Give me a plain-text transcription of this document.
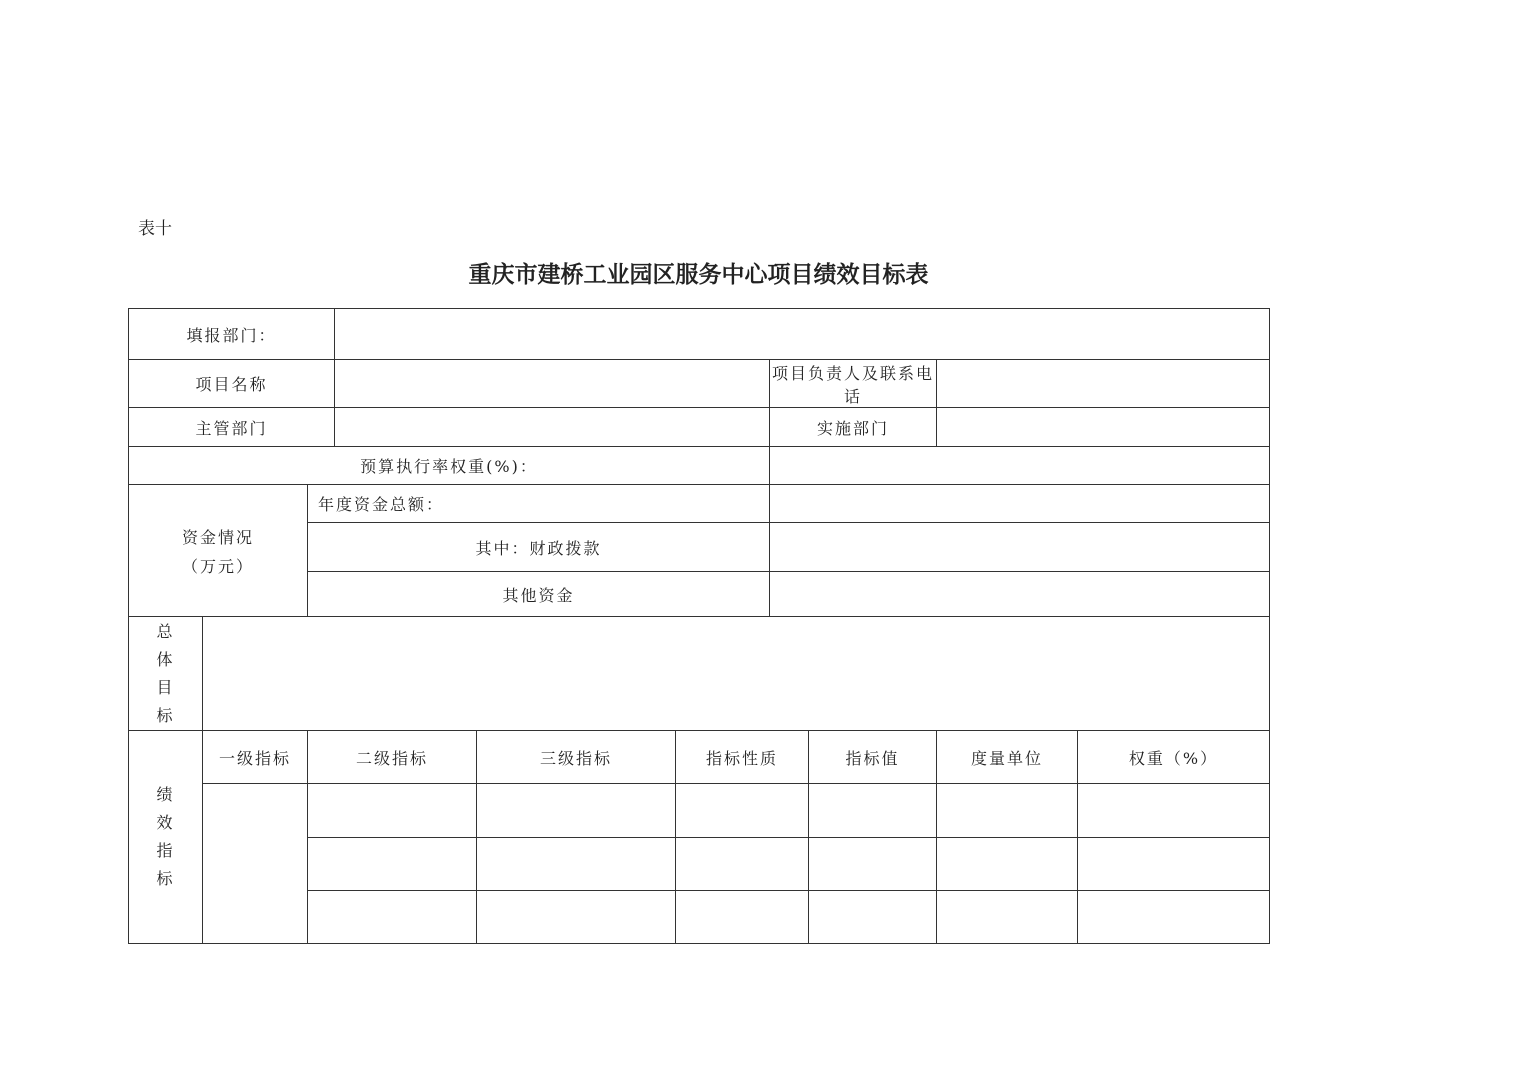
表十
重庆市建桥工业园区服务中心项目绩效目标表
填报部门：									
项目名称						项目负责人及联系电话			
主管部门						实施部门			
预算执行率权重(%)：									

资金情况
（万元）		年度资金总额：							
		其中：财政拨款							
		其他资金							

总
体
目
标									

绩
效
指
标	一级指标	二级指标		三级指标	指标性质		指标值	度量单位	权重（%）
